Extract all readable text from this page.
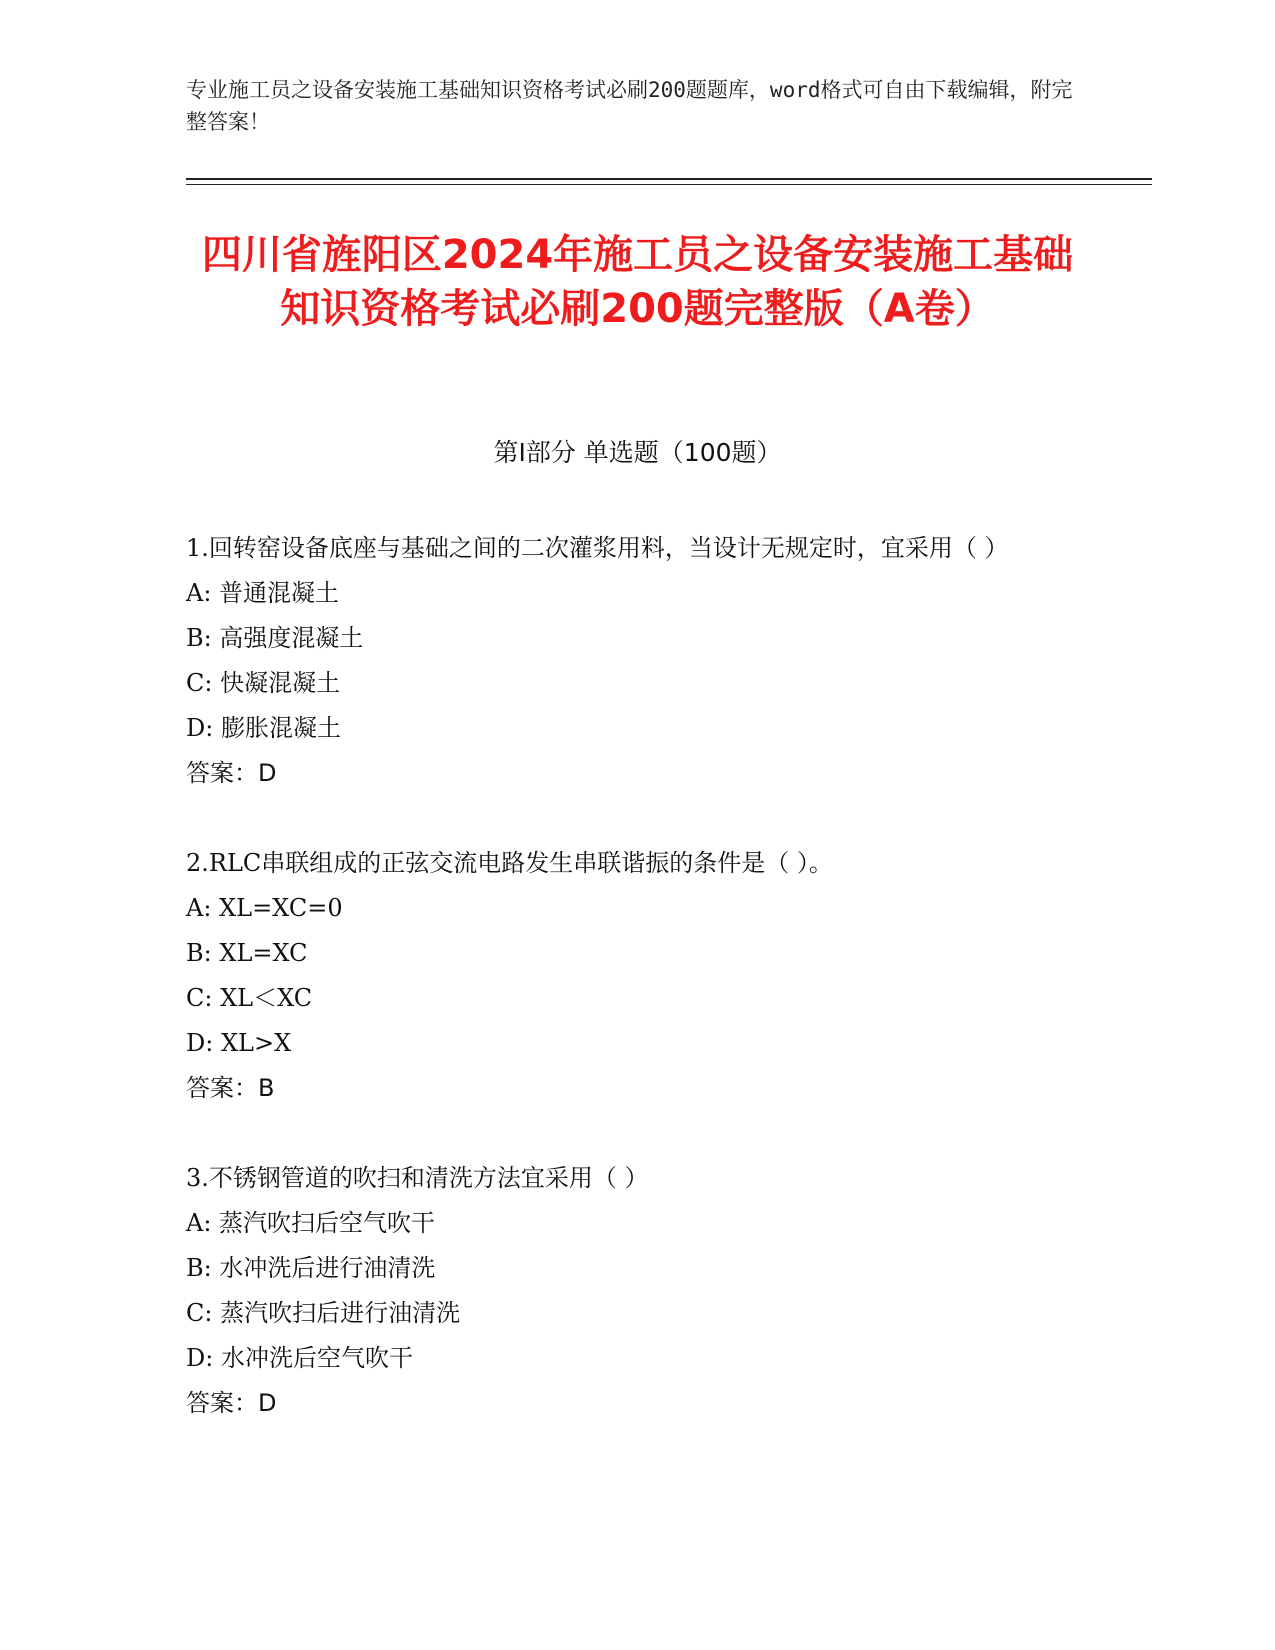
专业施工员之设备安装施工基础知识资格考试必刷200题题库，word格式可自由下载编辑，附完整答案！
四川省旌阳区2024年施工员之设备安装施工基础知识资格考试必刷200题完整版（A卷）
第I部分 单选题（100题）

1.回转窑设备底座与基础之间的二次灌浆用料，当设计无规定时，宜采用（ ）

A: 普通混凝土

B: 高强度混凝土

C: 快凝混凝土

D: 膨胀混凝土

答案：D

2.RLC串联组成的正弦交流电路发生串联谐振的条件是（ ）。

A: XL=XC=0

B: XL=XC

C: XL＜XC

D: XL>X

答案：B

3.不锈钢管道的吹扫和清洗方法宜采用（ ）

A: 蒸汽吹扫后空气吹干

B: 水冲洗后进行油清洗

C: 蒸汽吹扫后进行油清洗

D: 水冲洗后空气吹干

答案：D
